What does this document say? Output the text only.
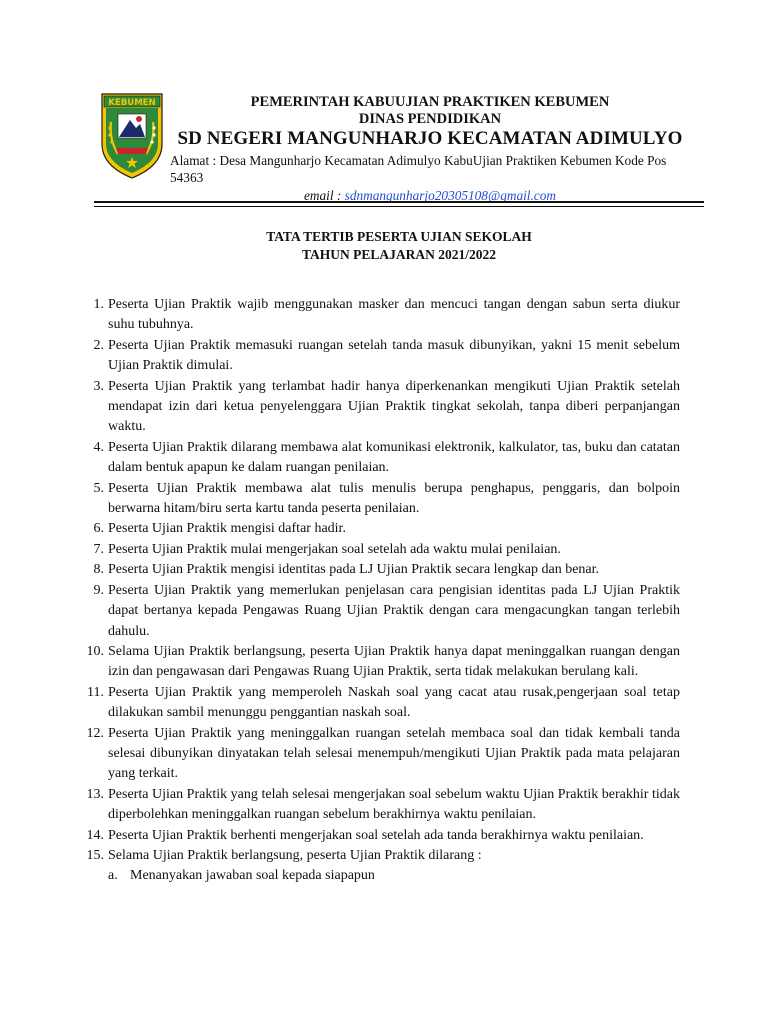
KEBUMEN	PEMERINTAH KABUUJIAN PRAKTIKEN KEBUMEN
DINAS PENDIDIKAN
SD NEGERI MANGUNHARJO KECAMATAN ADIMULYO
Alamat : Desa Mangunharjo Kecamatan Adimulyo KabuUjian Praktiken Kebumen Kode Pos 54363
email : sdnmangunharjo20305108@gmail.com
TATA TERTIB PESERTA UJIAN SEKOLAH
TAHUN PELAJARAN 2021/2022
1. Peserta Ujian Praktik wajib menggunakan masker dan mencuci tangan dengan sabun serta diukur suhu tubuhnya.
2. Peserta Ujian Praktik memasuki ruangan setelah tanda masuk dibunyikan, yakni 15 menit sebelum Ujian Praktik dimulai.
3. Peserta Ujian Praktik yang terlambat hadir hanya diperkenankan mengikuti Ujian Praktik setelah mendapat izin dari ketua penyelenggara Ujian Praktik tingkat sekolah, tanpa diberi perpanjangan waktu.
4. Peserta Ujian Praktik dilarang membawa alat komunikasi elektronik, kalkulator, tas, buku dan catatan dalam bentuk apapun ke dalam ruangan penilaian.
5. Peserta Ujian Praktik membawa alat tulis menulis berupa penghapus, penggaris, dan bolpoin berwarna hitam/biru serta kartu tanda peserta penilaian.
6. Peserta Ujian Praktik mengisi daftar hadir.
7. Peserta Ujian Praktik mulai mengerjakan soal setelah ada waktu mulai penilaian.
8. Peserta Ujian Praktik mengisi identitas pada LJ Ujian Praktik secara lengkap dan benar.
9. Peserta Ujian Praktik yang memerlukan penjelasan cara pengisian identitas pada LJ Ujian Praktik dapat bertanya kepada Pengawas Ruang Ujian Praktik dengan cara mengacungkan tangan terlebih dahulu.
10. Selama Ujian Praktik berlangsung, peserta Ujian Praktik hanya dapat meninggalkan ruangan dengan izin dan pengawasan dari Pengawas Ruang Ujian Praktik, serta tidak melakukan berulang kali.
11. Peserta Ujian Praktik yang memperoleh Naskah soal yang cacat atau rusak,pengerjaan soal tetap dilakukan sambil menunggu penggantian naskah soal.
12. Peserta Ujian Praktik yang meninggalkan ruangan setelah membaca soal dan tidak kembali tanda selesai dibunyikan dinyatakan telah selesai menempuh/mengikuti Ujian Praktik pada mata pelajaran yang terkait.
13. Peserta Ujian Praktik yang telah selesai mengerjakan soal sebelum waktu Ujian Praktik berakhir tidak diperbolehkan meninggalkan ruangan sebelum berakhirnya waktu penilaian.
14. Peserta Ujian Praktik berhenti mengerjakan soal setelah ada tanda berakhirnya waktu penilaian.
15. Selama Ujian Praktik berlangsung, peserta Ujian Praktik dilarang :
a. Menanyakan jawaban soal kepada siapapun
